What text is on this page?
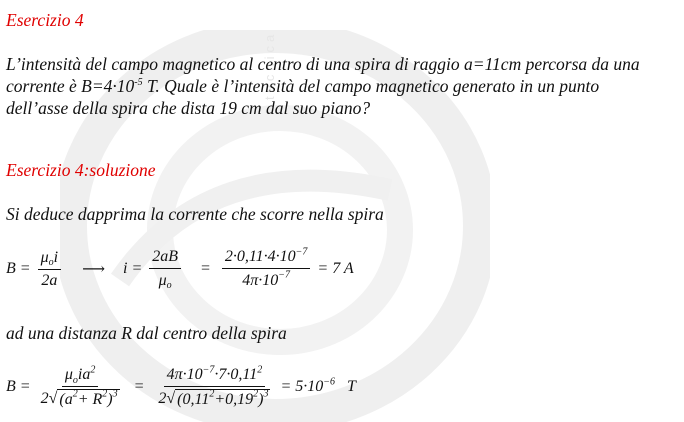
tecnica
Esercizio 4
L’intensità del campo magnetico al centro di una spira di raggio a=11cm percorsa da una
corrente è $B=4\cdot 10^{-5}$ T. Quale è l’intensità del campo magnetico generato in un punto
dell’asse della spira che dista 19 cm dal suo piano?
Esercizio 4:soluzione
Si deduce dapprima la corrente che scorre nella spira
$B = \frac{\mu_oi}{2a}$ ⟶ $i = \frac{2aB}{\mu_o} = \frac{2\cdot 0,11\cdot 4\cdot 10^{-7}}{4\pi\cdot 10^{-7}} = 7$ A
ad una distanza R dal centro della spira
$B = \frac{\mu_oia^2}{2√ (a^2+ R^2)^3} = \frac{4\pi\cdot 10^{-7}\cdot 7\cdot 0,11^2}{2√ (0,11^2+0,19^2)^3} = 5\cdot 10^{-6}$   T
